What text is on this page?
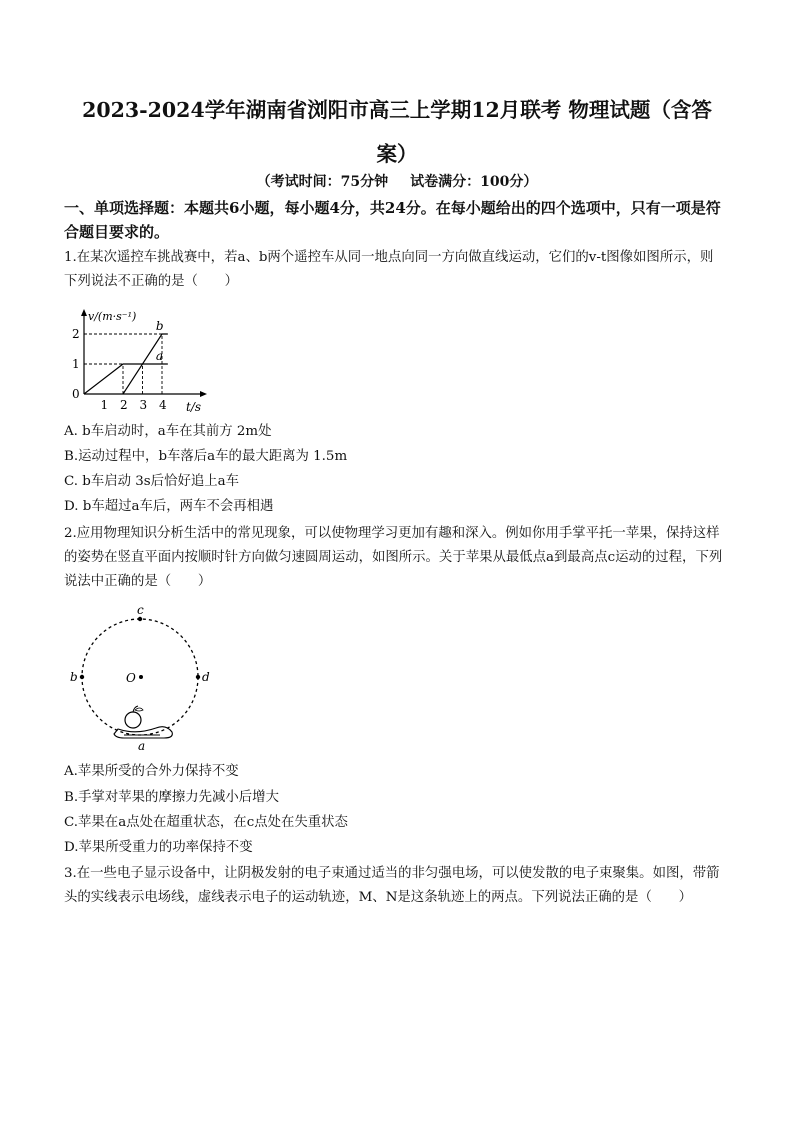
2023-2024学年湖南省浏阳市高三上学期12月联考 物理试题（含答案）
（考试时间：75分钟 试卷满分：100分）
一、单项选择题：本题共6小题，每小题4分，共24分。在每小题给出的四个选项中，只有一项是符合题目要求的。
1.在某次遥控车挑战赛中，若a、b两个遥控车从同一地点向同一方向做直线运动，它们的v-t图像如图所示，则下列说法不正确的是（　　）
a
b
1 2 3 4
0
1
2
v/(m·s⁻¹)
t/s
A. b车启动时，a车在其前方 2m处
B.运动过程中，b车落后a车的最大距离为 1.5m
C. b车启动 3s后恰好追上a车
D. b车超过a车后，两车不会再相遇
2.应用物理知识分析生活中的常见现象，可以使物理学习更加有趣和深入。例如你用手掌平托一苹果，保持这样的姿势在竖直平面内按顺时针方向做匀速圆周运动，如图所示。关于苹果从最低点a到最高点c运动的过程，下列说法中正确的是（　　）
c
b	O	d
a
A.苹果所受的合外力保持不变
B.手掌对苹果的摩擦力先减小后增大
C.苹果在a点处在超重状态，在c点处在失重状态
D.苹果所受重力的功率保持不变
3.在一些电子显示设备中，让阴极发射的电子束通过适当的非匀强电场，可以使发散的电子束聚集。如图，带箭头的实线表示电场线，虚线表示电子的运动轨迹，M、N是这条轨迹上的两点。下列说法正确的是（　　）
